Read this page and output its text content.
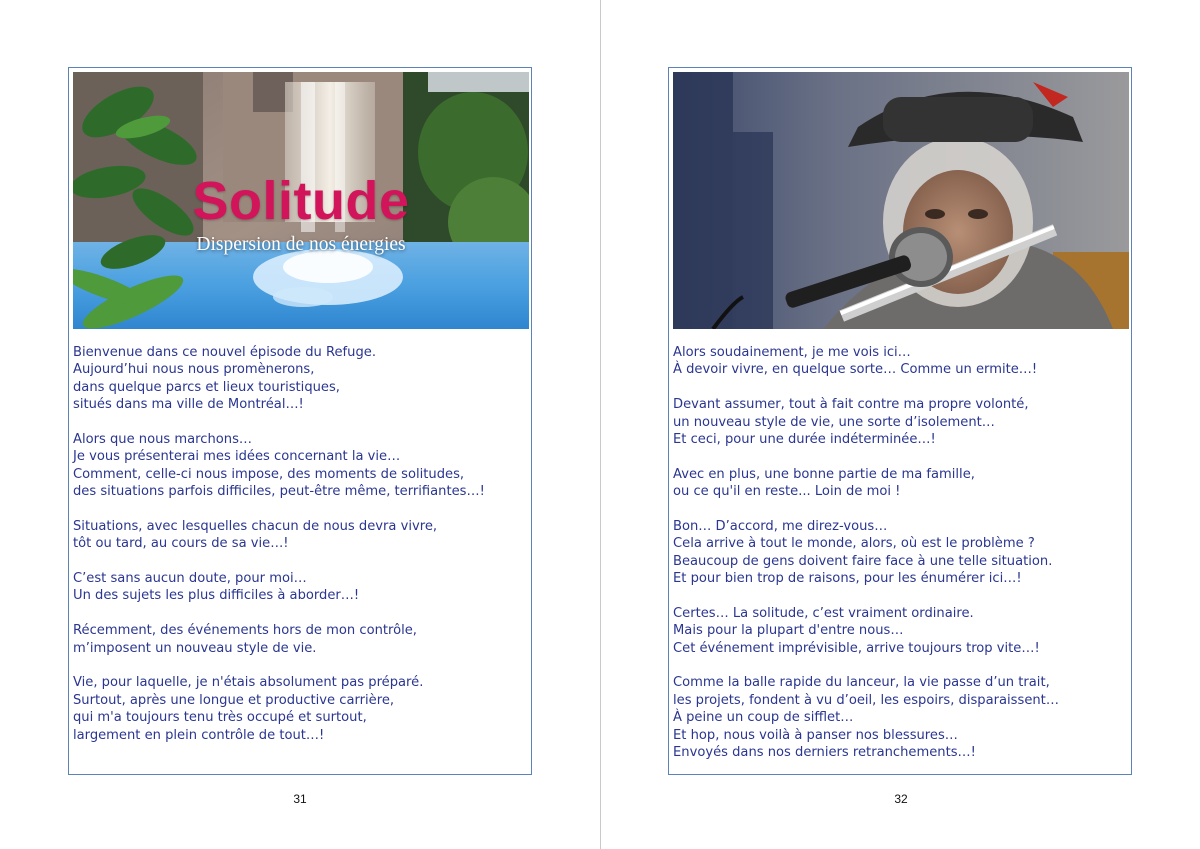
Solitude
Dispersion de nos énergies
Bienvenue dans ce nouvel épisode du Refuge.
Aujourd’hui nous nous promènerons,
dans quelque parcs et lieux touristiques,
situés dans ma ville de Montréal…!
Alors que nous marchons…
Je vous présenterai mes idées concernant la vie…
Comment, celle-ci nous impose, des moments de solitudes,
des situations parfois difficiles, peut-être même, terrifiantes…!
Situations, avec lesquelles chacun de nous devra vivre,
tôt ou tard, au cours de sa vie…!
C’est sans aucun doute, pour moi…
Un des sujets les plus difficiles à aborder…!
Récemment, des événements hors de mon contrôle,
m’imposent un nouveau style de vie.
Vie, pour laquelle, je n'étais absolument pas préparé.
Surtout, après une longue et productive carrière,
qui m'a toujours tenu très occupé et surtout,
largement en plein contrôle de tout…!
Alors soudainement, je me vois ici…
À devoir vivre, en quelque sorte… Comme un ermite…!
Devant assumer, tout à fait contre ma propre volonté,
un nouveau style de vie, une sorte d’isolement…
Et ceci, pour une durée indéterminée…!
Avec en plus, une bonne partie de ma famille,
ou ce qu'il en reste... Loin de moi !
Bon… D’accord, me direz-vous…
Cela arrive à tout le monde, alors, où est le problème ?
Beaucoup de gens doivent faire face à une telle situation.
Et pour bien trop de raisons, pour les énumérer ici…!
Certes… La solitude, c’est vraiment ordinaire.
Mais pour la plupart d'entre nous…
Cet événement imprévisible, arrive toujours trop vite…!
Comme la balle rapide du lanceur, la vie passe d’un trait,
les projets, fondent à vu d’oeil, les espoirs, disparaissent…
À peine un coup de sifflet…
Et hop, nous voilà à panser nos blessures…
Envoyés dans nos derniers retranchements…!
31	32
